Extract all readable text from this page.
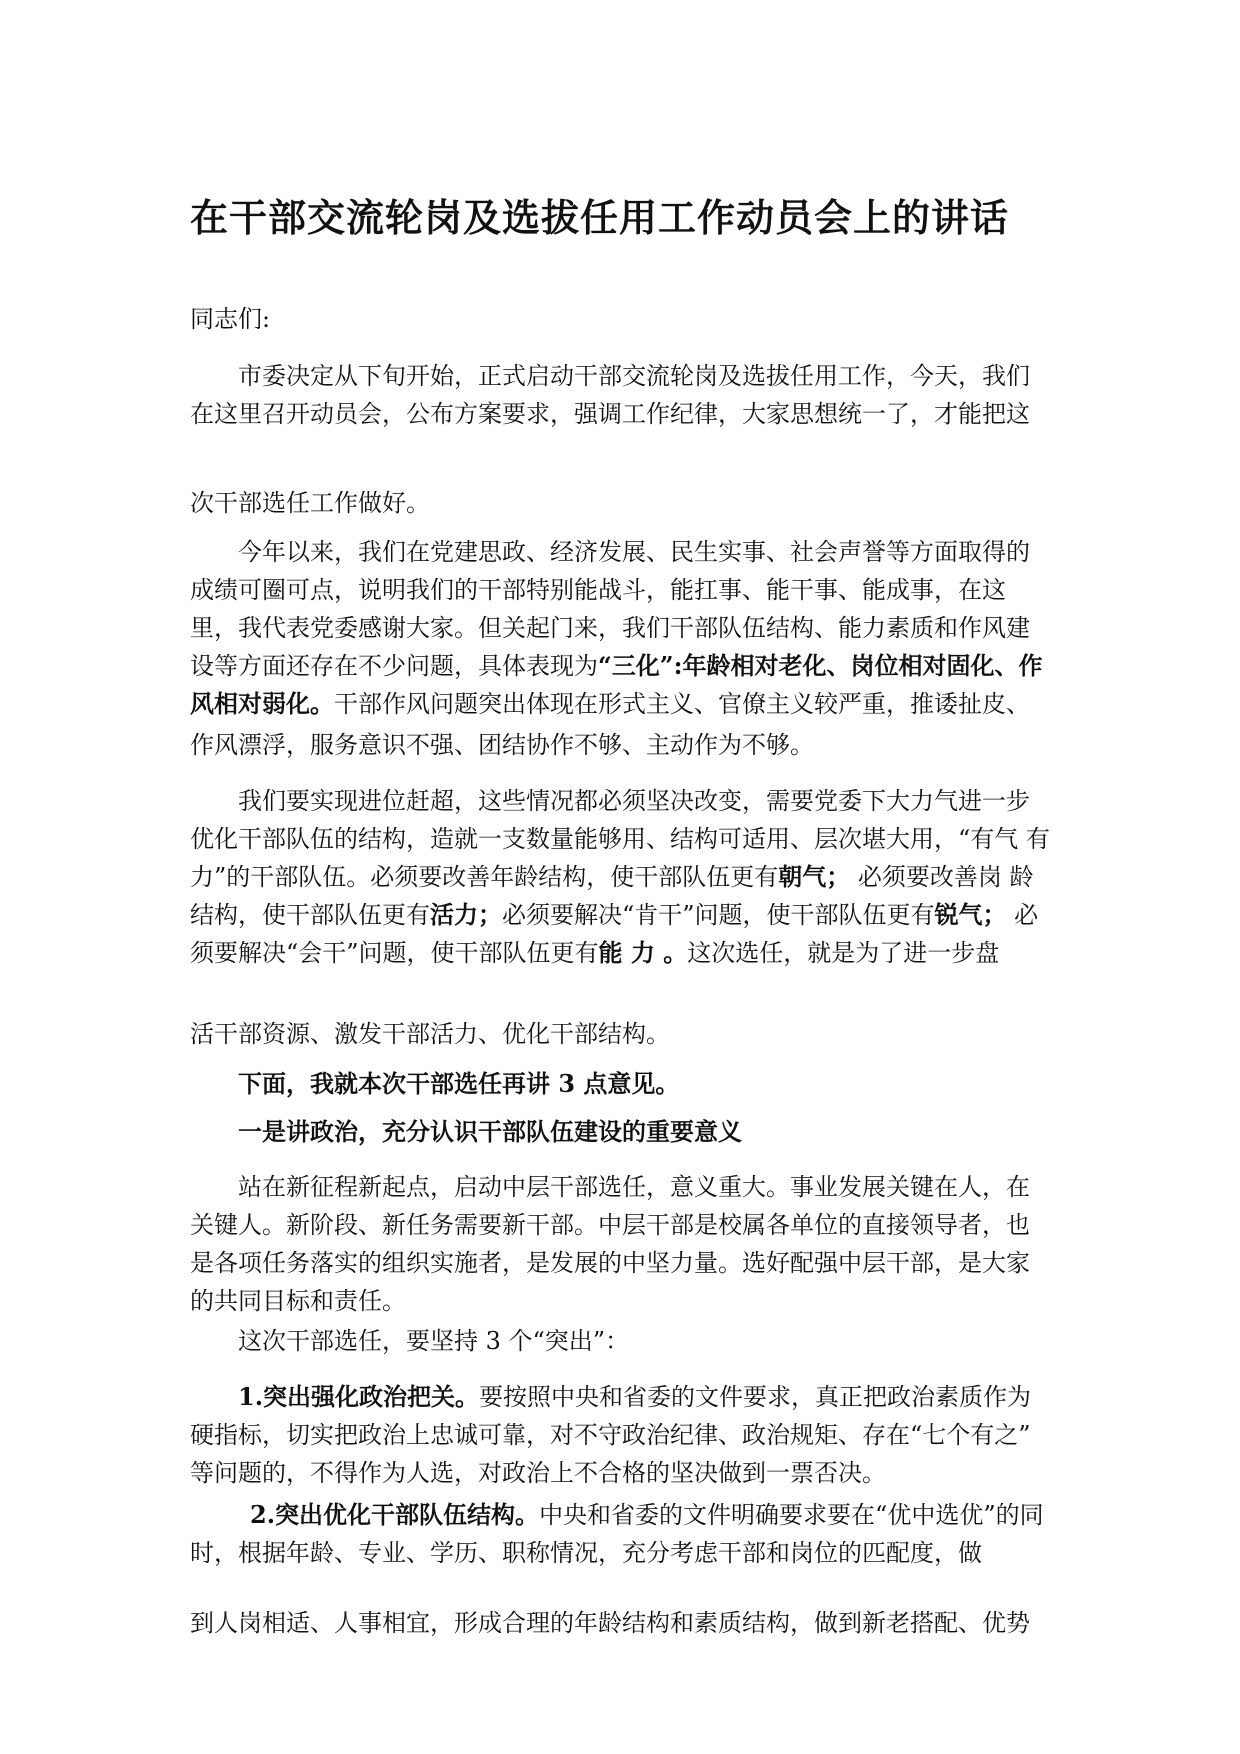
在干部交流轮岗及选拔任用工作动员会上的讲话

同志们:

市委决定从下旬开始，正式启动干部交流轮岗及选拔任用工作，今天，我们 在这里召开动员会，公布方案要求，强调工作纪律，大家思想统一了，才能把这

次干部选任工作做好。

今年以来，我们在党建思政、经济发展、民生实事、社会声誉等方面取得的成绩可圈可点，说明我们的干部特别能战斗，能扛事、能干事、能成事，在这里，我代表党委感谢大家。但关起门来，我们干部队伍结构、能力素质和作风建设等方面还存在不少问题，具体表现为“三化”:年龄相对老化、岗位相对固化、作风相对弱化。干部作风问题突出体现在形式主义、官僚主义较严重，推诿扯皮、

作风漂浮，服务意识不强、团结协作不够、主动作为不够。

我们要实现进位赶超，这些情况都必须坚决改变，需要党委下大力气进一步 优化干部队伍的结构，造就一支数量能够用、结构可适用、层次堪大用，“有气 有力”的干部队伍。必须要改善年龄结构，使干部队伍更有朝气； 必须要改善岗 龄结构，使干部队伍更有活力；必须要解决“肯干”问题，使干部队伍更有锐气； 必须要解决“会干”问题，使干部队伍更有能 力 。这次选任，就是为了进一步盘

活干部资源、激发干部活力、优化干部结构。

下面，我就本次干部选任再讲 3 点意见。

一是讲政治，充分认识干部队伍建设的重要意义

站在新征程新起点，启动中层干部选任，意义重大。事业发展关键在人，在 关键人。新阶段、新任务需要新干部。中层干部是校属各单位的直接领导者，也 是各项任务落实的组织实施者，是发展的中坚力量。选好配强中层干部，是大家 的共同目标和责任。

这次干部选任，要坚持 3 个“突出”：

1.突出强化政治把关。要按照中央和省委的文件要求，真正把政治素质作为硬指标，切实把政治上忠诚可靠，对不守政治纪律、政治规矩、存在“七个有之” 等问题的，不得作为人选，对政治上不合格的坚决做到一票否决。

2.突出优化干部队伍结构。中央和省委的文件明确要求要在“优中选优”的同时，根据年龄、专业、学历、职称情况，充分考虑干部和岗位的匹配度，做

到人岗相适、人事相宜，形成合理的年龄结构和素质结构，做到新老搭配、优势
